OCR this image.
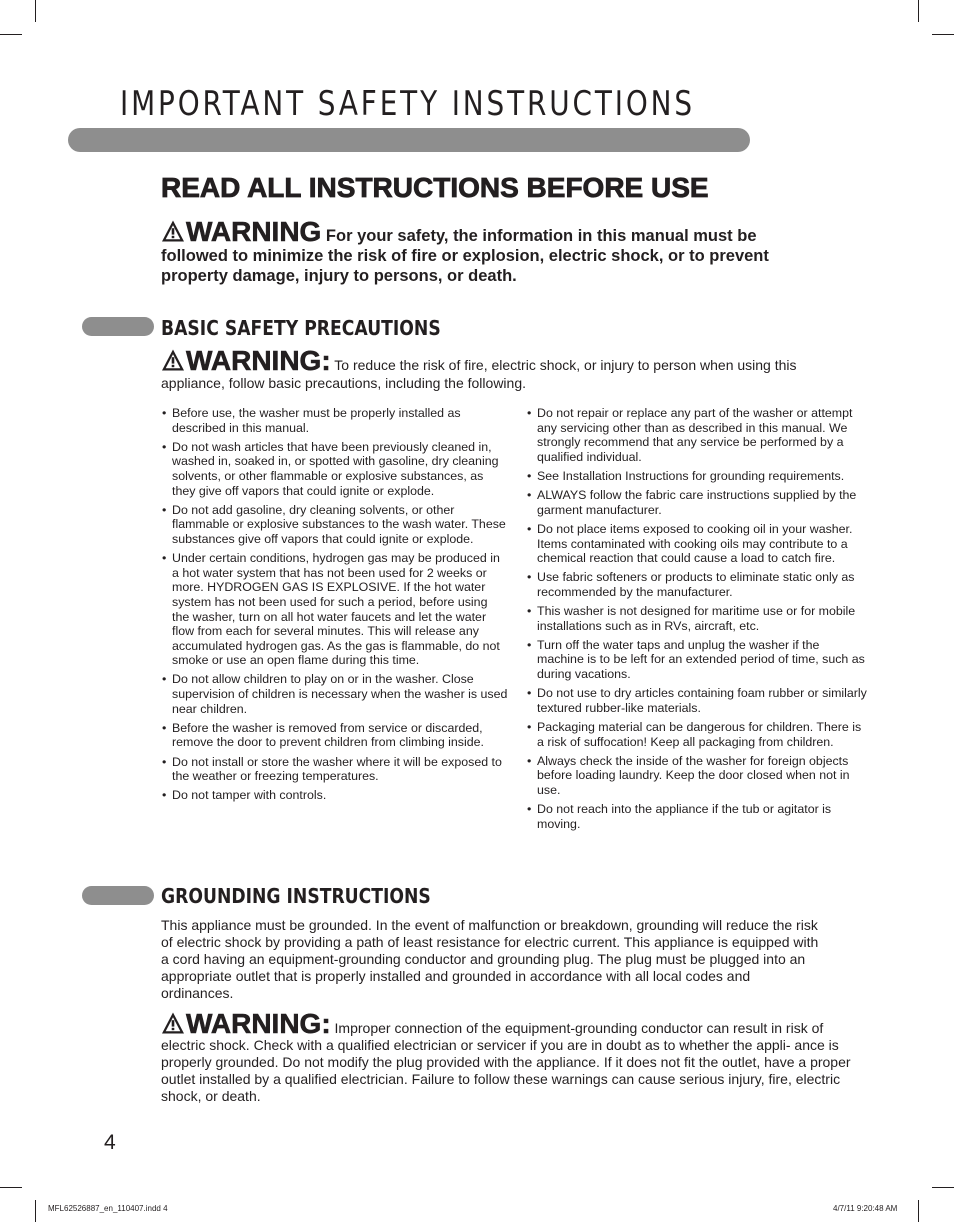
IMPORTANT SAFETY INSTRUCTIONS
READ ALL INSTRUCTIONS BEFORE USE
WARNING For your safety, the information in this manual must be followed to minimize the risk of fire or explosion, electric shock, or to prevent property damage, injury to persons, or death.
BASIC SAFETY PRECAUTIONS
WARNING: To reduce the risk of fire, electric shock, or injury to person when using this appliance, follow basic precautions, including the following.
• Before use, the washer must be properly installed as described in this manual.
• Do not wash articles that have been previously cleaned in, washed in, soaked in, or spotted with gasoline, dry cleaning solvents, or other flammable or explosive substances, as they give off vapors that could ignite or explode.
• Do not add gasoline, dry cleaning solvents, or other flammable or explosive substances to the wash water. These substances give off vapors that could ignite or explode.
• Under certain conditions, hydrogen gas may be produced in a hot water system that has not been used for 2 weeks or more. HYDROGEN GAS IS EXPLOSIVE. If the hot water system has not been used for such a period, before using the washer, turn on all hot water faucets and let the water flow from each for several minutes. This will release any accumulated hydrogen gas. As the gas is flammable, do not smoke or use an open flame during this time.
• Do not allow children to play on or in the washer. Close supervision of children is necessary when the washer is used near children.
• Before the washer is removed from service or discarded, remove the door to prevent children from climbing inside.
• Do not install or store the washer where it will be exposed to the weather or freezing temperatures.
• Do not tamper with controls.
• Do not repair or replace any part of the washer or attempt any servicing other than as described in this manual. We strongly recommend that any service be performed by a qualified individual.
• See Installation Instructions for grounding requirements.
• ALWAYS follow the fabric care instructions supplied by the garment manufacturer.
• Do not place items exposed to cooking oil in your washer. Items contaminated with cooking oils may contribute to a chemical reaction that could cause a load to catch fire.
• Use fabric softeners or products to eliminate static only as recommended by the manufacturer.
• This washer is not designed for maritime use or for mobile installations such as in RVs, aircraft, etc.
• Turn off the water taps and unplug the washer if the machine is to be left for an extended period of time, such as during vacations.
• Do not use to dry articles containing foam rubber or similarly textured rubber-like materials.
• Packaging material can be dangerous for children. There is a risk of suffocation! Keep all packaging from children.
• Always check the inside of the washer for foreign objects before loading laundry. Keep the door closed when not in use.
• Do not reach into the appliance if the tub or agitator is moving.
GROUNDING INSTRUCTIONS

This appliance must be grounded. In the event of malfunction or breakdown, grounding will reduce the risk of electric shock by providing a path of least resistance for electric current. This appliance is equipped with a cord having an equipment-grounding conductor and grounding plug. The plug must be plugged into an appropriate outlet that is properly installed and grounded in accordance with all local codes and ordinances.

WARNING: Improper connection of the equipment-grounding conductor can result in risk of electric shock. Check with a qualified electrician or servicer if you are in doubt as to whether the appli- ance is properly grounded. Do not modify the plug provided with the appliance. If it does not fit the outlet, have a proper outlet installed by a qualified electrician. Failure to follow these warnings can cause serious injury, fire, electric shock, or death.
4
MFL62526887_en_110407.indd 4	4/7/11 9:20:48 AM
